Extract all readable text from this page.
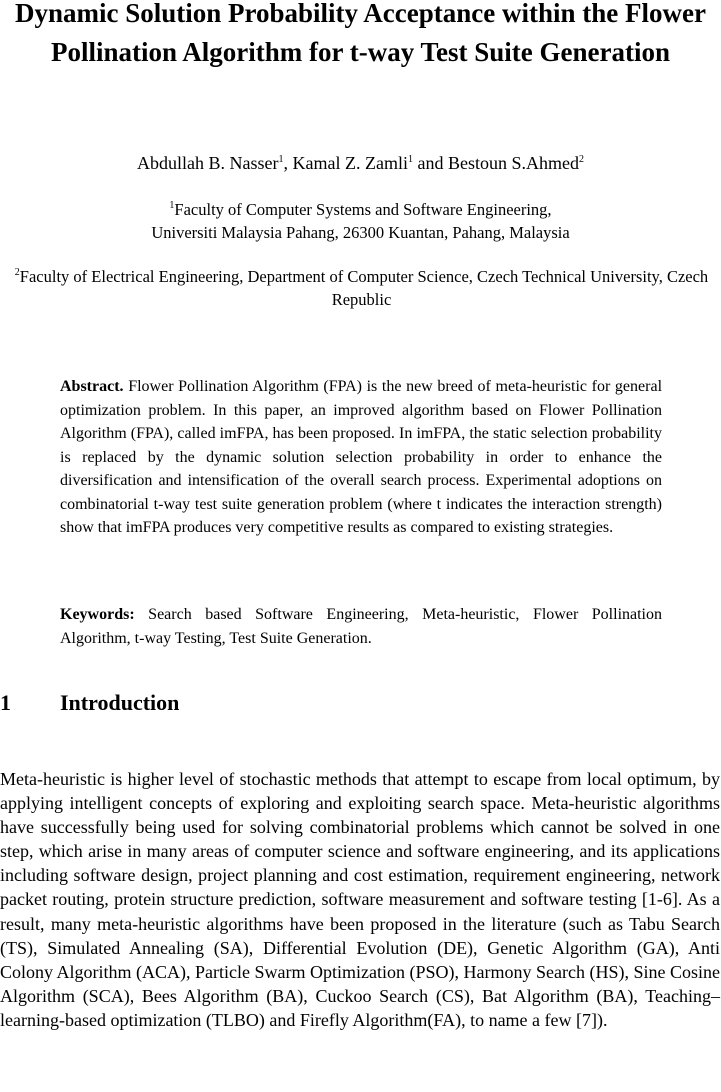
Dynamic Solution Probability Acceptance within the Flower Pollination Algorithm for t-way Test Suite Generation

Abdullah B. Nasser$^1$, Kamal Z. Zamli$^1$ and Bestoun S.Ahmed$^2$

$^1$Faculty of Computer Systems and Software Engineering,
Universiti Malaysia Pahang, 26300 Kuantan, Pahang, Malaysia

$^2$Faculty of Electrical Engineering, Department of Computer Science, Czech Technical University, Czech Republic

Abstract. Flower Pollination Algorithm (FPA) is the new breed of meta-heuristic for general optimization problem. In this paper, an improved algorithm based on Flower Pollination Algorithm (FPA), called imFPA, has been proposed. In imFPA, the static selection probability is replaced by the dynamic solution selection probability in order to enhance the diversification and intensification of the overall search process. Experimental adoptions on combinatorial t-way test suite generation problem (where t indicates the interaction strength) show that imFPA produces very competitive results as compared to existing strategies.

Keywords: Search based Software Engineering, Meta-heuristic, Flower Pollination Algorithm, t-way Testing, Test Suite Generation.

1 Introduction

Meta-heuristic is higher level of stochastic methods that attempt to escape from local optimum, by applying intelligent concepts of exploring and exploiting search space. Meta-heuristic algorithms have successfully being used for solving combinatorial problems which cannot be solved in one step, which arise in many areas of computer science and software engineering, and its applications including software design, project planning and cost estimation, requirement engineering, network packet routing, protein structure prediction, software measurement and software testing [1-6]. As a result, many meta-heuristic algorithms have been proposed in the literature (such as Tabu Search (TS), Simulated Annealing (SA), Differential Evolution (DE), Genetic Algorithm (GA), Anti Colony Algorithm (ACA), Particle Swarm Optimization (PSO), Harmony Search (HS), Sine Cosine Algorithm (SCA), Bees Algorithm (BA), Cuckoo Search (CS), Bat Algorithm (BA), Teaching–learning-based optimization (TLBO) and Firefly Algorithm(FA), to name a few [7]).
